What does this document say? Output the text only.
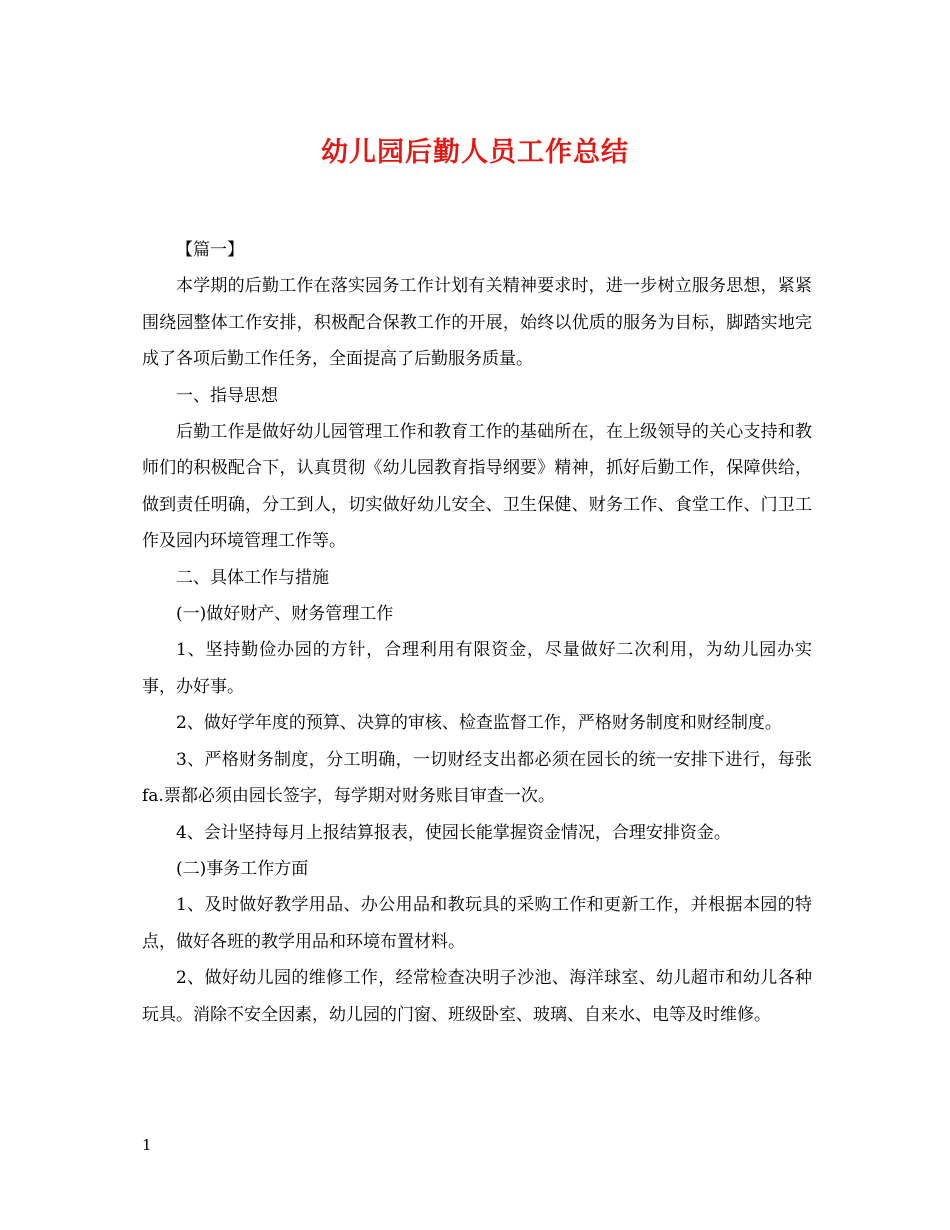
幼儿园后勤人员工作总结

【篇一】

本学期的后勤工作在落实园务工作计划有关精神要求时，进一步树立服务思想，紧紧围绕园整体工作安排，积极配合保教工作的开展，始终以优质的服务为目标，脚踏实地完成了各项后勤工作任务，全面提高了后勤服务质量。

一、指导思想

后勤工作是做好幼儿园管理工作和教育工作的基础所在，在上级领导的关心支持和教师们的积极配合下，认真贯彻《幼儿园教育指导纲要》精神，抓好后勤工作，保障供给，做到责任明确，分工到人，切实做好幼儿安全、卫生保健、财务工作、食堂工作、门卫工作及园内环境管理工作等。

二、具体工作与措施

(一)做好财产、财务管理工作

1、坚持勤俭办园的方针，合理利用有限资金，尽量做好二次利用，为幼儿园办实事，办好事。

2、做好学年度的预算、决算的审核、检查监督工作，严格财务制度和财经制度。

3、严格财务制度，分工明确，一切财经支出都必须在园长的统一安排下进行，每张fa.票都必须由园长签字，每学期对财务账目审查一次。

4、会计坚持每月上报结算报表，使园长能掌握资金情况，合理安排资金。

(二)事务工作方面

1、及时做好教学用品、办公用品和教玩具的采购工作和更新工作，并根据本园的特点，做好各班的教学用品和环境布置材料。

2、做好幼儿园的维修工作，经常检查决明子沙池、海洋球室、幼儿超市和幼儿各种玩具。消除不安全因素，幼儿园的门窗、班级卧室、玻璃、自来水、电等及时维修。

1
